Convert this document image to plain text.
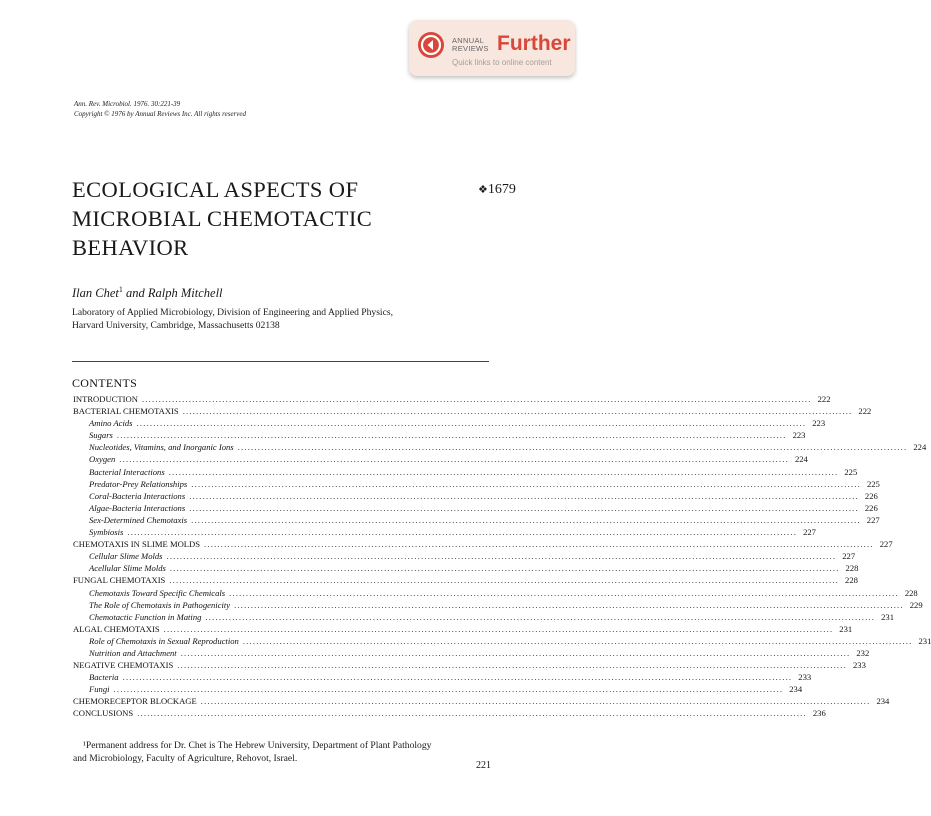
ANNUAL
REVIEWS Further
Quick links to online content
Ann. Rev. Microbiol. 1976. 30:221-39
Copyright © 1976 by Annual Reviews Inc. All rights reserved
ECOLOGICAL ASPECTS OF
MICROBIAL CHEMOTACTIC
BEHAVIOR
❖1679
Ilan Chet$^1$ and Ralph Mitchell
Laboratory of Applied Microbiology, Division of Engineering and Applied Physics,
Harvard University, Cambridge, Massachusetts 02138
CONTENTS
INTRODUCTION ........................................................................................................................................................................................................ 222
BACTERIAL CHEMOTAXIS ........................................................................................................................................................................................................ 222
Amino Acids ........................................................................................................................................................................................................ 223
Sugars ........................................................................................................................................................................................................ 223
Nucleotides, Vitamins, and Inorganic Ions ........................................................................................................................................................................................................ 224
Oxygen ........................................................................................................................................................................................................ 224
Bacterial Interactions ........................................................................................................................................................................................................ 225
Predator-Prey Relationships ........................................................................................................................................................................................................ 225
Coral-Bacteria Interactions ........................................................................................................................................................................................................ 226
Algae-Bacteria Interactions ........................................................................................................................................................................................................ 226
Sex-Determined Chemotaxis ........................................................................................................................................................................................................ 227
Symbiosis ........................................................................................................................................................................................................ 227
CHEMOTAXIS IN SLIME MOLDS ........................................................................................................................................................................................................ 227
Cellular Slime Molds ........................................................................................................................................................................................................ 227
Acellular Slime Molds ........................................................................................................................................................................................................ 228
FUNGAL CHEMOTAXIS ........................................................................................................................................................................................................ 228
Chemotaxis Toward Specific Chemicals ........................................................................................................................................................................................................ 228
The Role of Chemotaxis in Pathogenicity ........................................................................................................................................................................................................ 229
Chemotactic Function in Mating ........................................................................................................................................................................................................ 231
ALGAL CHEMOTAXIS ........................................................................................................................................................................................................ 231
Role of Chemotaxis in Sexual Reproduction ........................................................................................................................................................................................................ 231
Nutrition and Attachment ........................................................................................................................................................................................................ 232
NEGATIVE CHEMOTAXIS ........................................................................................................................................................................................................ 233
Bacteria ........................................................................................................................................................................................................ 233
Fungi ........................................................................................................................................................................................................ 234
CHEMORECEPTOR BLOCKAGE ........................................................................................................................................................................................................ 234
CONCLUSIONS ........................................................................................................................................................................................................ 236
¹Permanent address for Dr. Chet is The Hebrew University, Department of Plant Pathology
and Microbiology, Faculty of Agriculture, Rehovot, Israel.
221
